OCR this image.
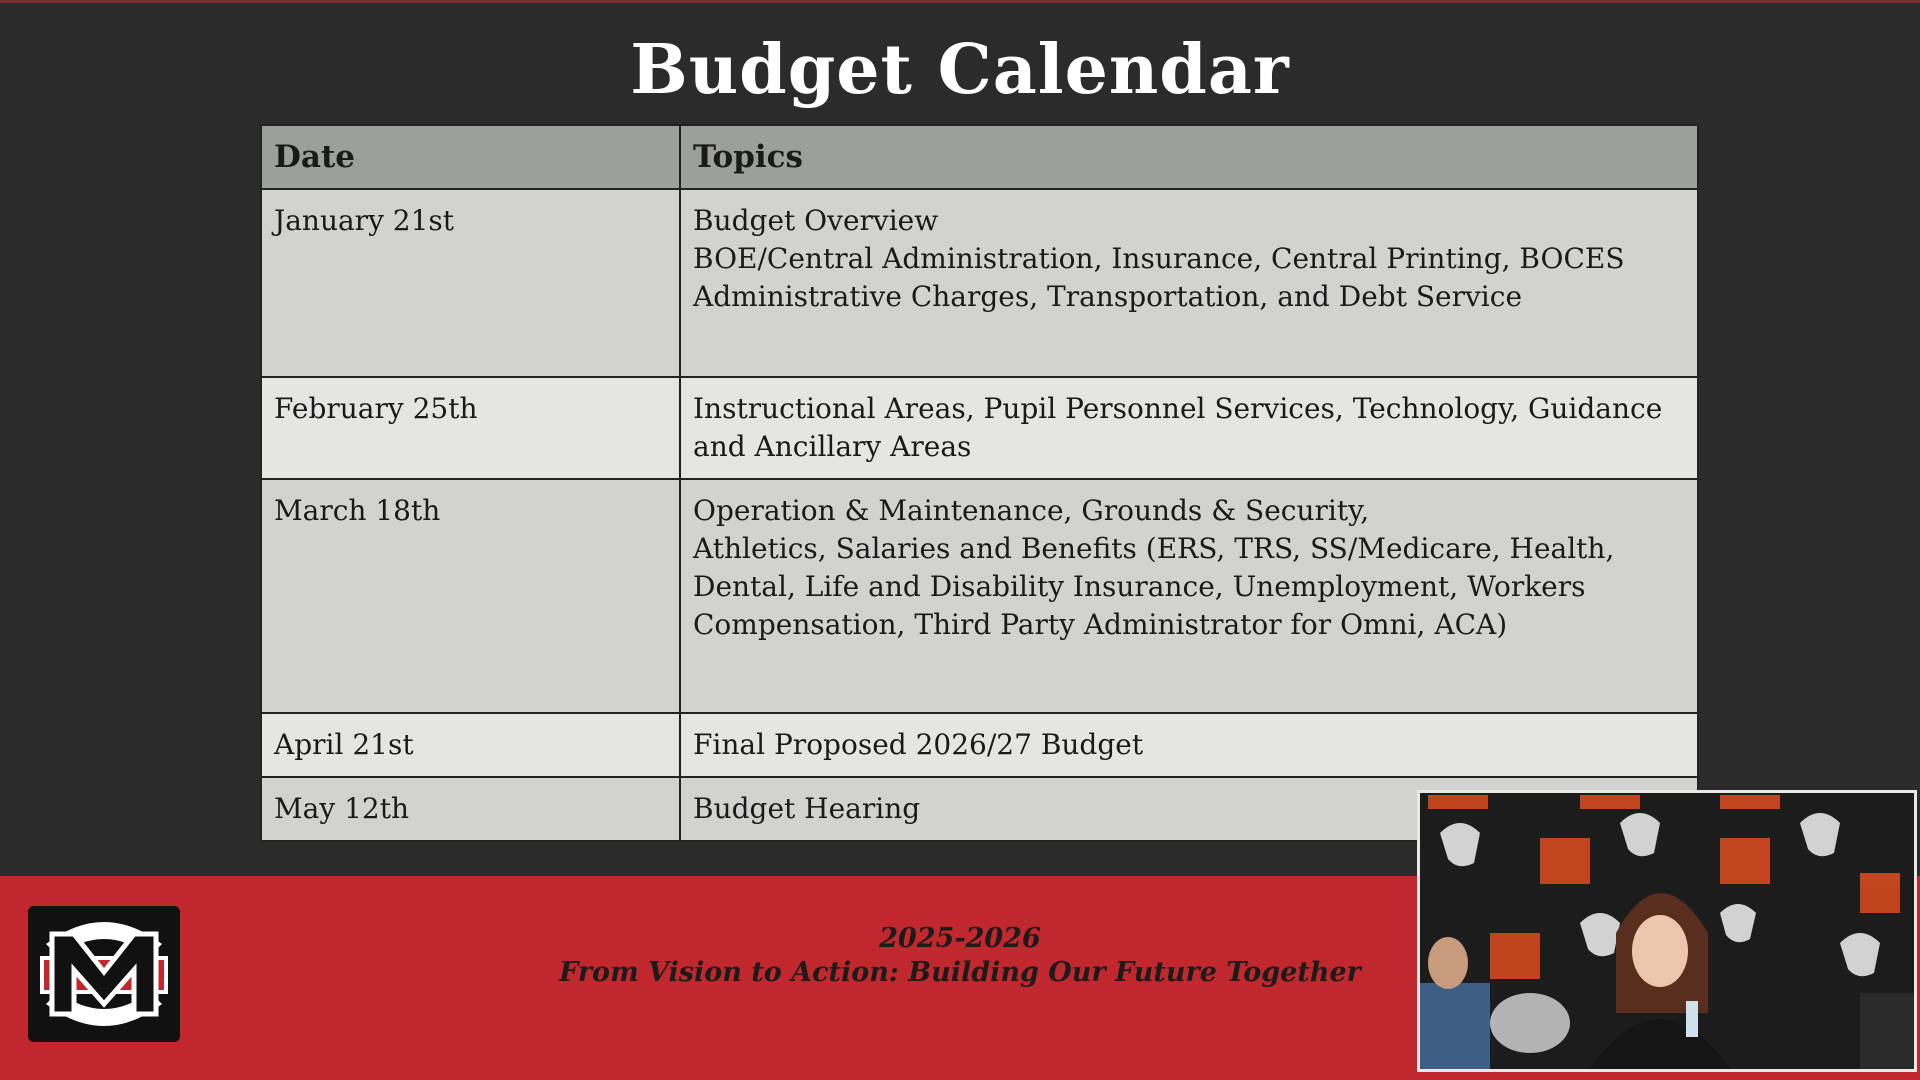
Budget Calendar
Date	Topics
January 21st	Budget Overview
BOE/Central Administration, Insurance, Central Printing, BOCES Administrative Charges, Transportation, and Debt Service

February 25th	Instructional Areas, Pupil Personnel Services, Technology, Guidance and Ancillary Areas

March 18th	Operation & Maintenance, Grounds & Security,
Athletics, Salaries and Benefits (ERS, TRS, SS/Medicare, Health, Dental, Life and Disability Insurance, Unemployment, Workers Compensation, Third Party Administrator for Omni, ACA)

April 21st	Final Proposed 2026/27 Budget

May 12th	Budget Hearing
2025-2026
From Vision to Action: Building Our Future Together
